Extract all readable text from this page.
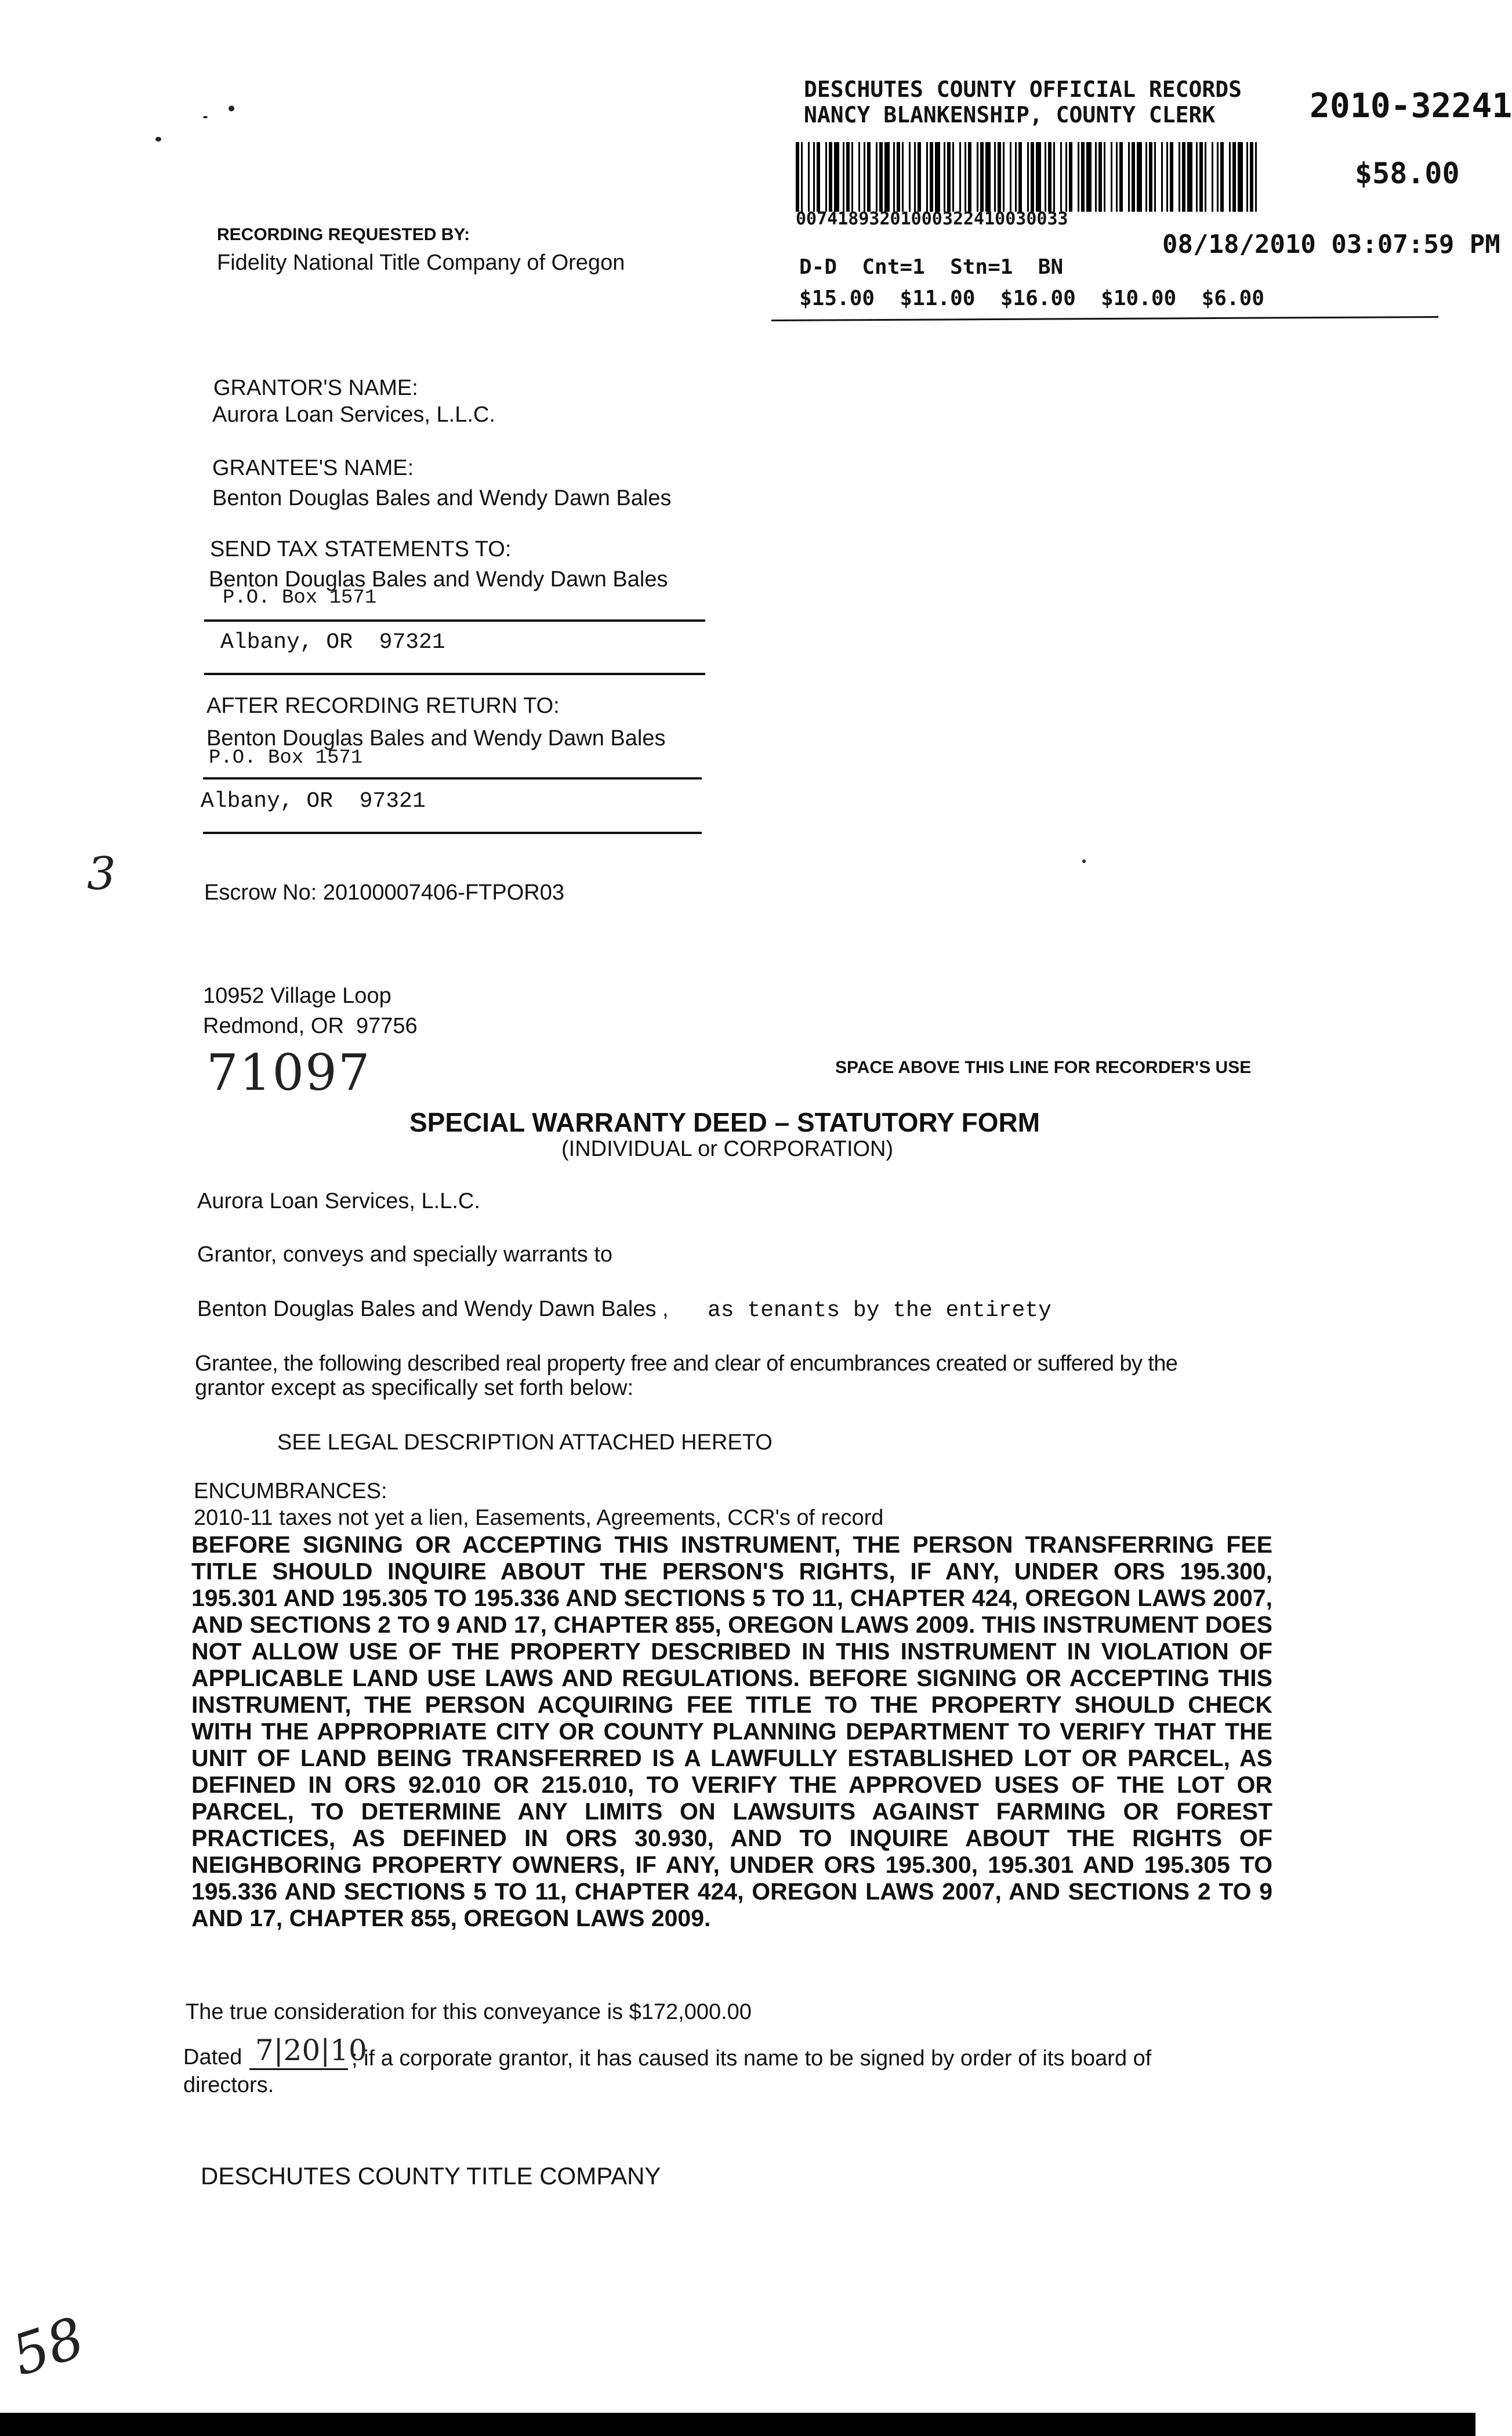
DESCHUTES COUNTY OFFICIAL RECORDS
NANCY BLANKENSHIP, COUNTY CLERK	2010-32241
$58.00
00741893201000322410030033
08/18/2010 03:07:59 PM
D-D  Cnt=1  Stn=1  BN
$15.00  $11.00  $16.00  $10.00  $6.00
RECORDING REQUESTED BY:
Fidelity National Title Company of Oregon
GRANTOR'S NAME:
Aurora Loan Services, L.L.C.
GRANTEE'S NAME:
Benton Douglas Bales and Wendy Dawn Bales
SEND TAX STATEMENTS TO:
Benton Douglas Bales and Wendy Dawn Bales
P.O. Box 1571
Albany, OR  97321
AFTER RECORDING RETURN TO:
Benton Douglas Bales and Wendy Dawn Bales
P.O. Box 1571
Albany, OR  97321
3	Escrow No: 20100007406-FTPOR03
10952 Village Loop
Redmond, OR  97756
71097	SPACE ABOVE THIS LINE FOR RECORDER'S USE
SPECIAL WARRANTY DEED – STATUTORY FORM
(INDIVIDUAL or CORPORATION)
Aurora Loan Services, L.L.C.
Grantor, conveys and specially warrants to
Benton Douglas Bales and Wendy Dawn Bales , as tenants by the entirety
Grantee, the following described real property free and clear of encumbrances created or suffered by the
grantor except as specifically set forth below:
SEE LEGAL DESCRIPTION ATTACHED HERETO
ENCUMBRANCES:
2010-11 taxes not yet a lien, Easements, Agreements, CCR's of record
BEFORE SIGNING OR ACCEPTING THIS INSTRUMENT, THE PERSON TRANSFERRING FEE TITLE SHOULD INQUIRE ABOUT THE PERSON'S RIGHTS, IF ANY, UNDER ORS 195.300, 195.301 AND 195.305 TO 195.336 AND SECTIONS 5 TO 11, CHAPTER 424, OREGON LAWS 2007, AND SECTIONS 2 TO 9 AND 17, CHAPTER 855, OREGON LAWS 2009. THIS INSTRUMENT DOES NOT ALLOW USE OF THE PROPERTY DESCRIBED IN THIS INSTRUMENT IN VIOLATION OF APPLICABLE LAND USE LAWS AND REGULATIONS. BEFORE SIGNING OR ACCEPTING THIS INSTRUMENT, THE PERSON ACQUIRING FEE TITLE TO THE PROPERTY SHOULD CHECK WITH THE APPROPRIATE CITY OR COUNTY PLANNING DEPARTMENT TO VERIFY THAT THE UNIT OF LAND BEING TRANSFERRED IS A LAWFULLY ESTABLISHED LOT OR PARCEL, AS DEFINED IN ORS 92.010 OR 215.010, TO VERIFY THE APPROVED USES OF THE LOT OR PARCEL, TO DETERMINE ANY LIMITS ON LAWSUITS AGAINST FARMING OR FOREST PRACTICES, AS DEFINED IN ORS 30.930, AND TO INQUIRE ABOUT THE RIGHTS OF NEIGHBORING PROPERTY OWNERS, IF ANY, UNDER ORS 195.300, 195.301 AND 195.305 TO 195.336 AND SECTIONS 5 TO 11, CHAPTER 424, OREGON LAWS 2007, AND SECTIONS 2 TO 9 AND 17, CHAPTER 855, OREGON LAWS 2009.
The true consideration for this conveyance is $172,000.00
Dated 7|20|10
; if a corporate grantor, it has caused its name to be signed by order of its board of
directors.
DESCHUTES COUNTY TITLE COMPANY
58
